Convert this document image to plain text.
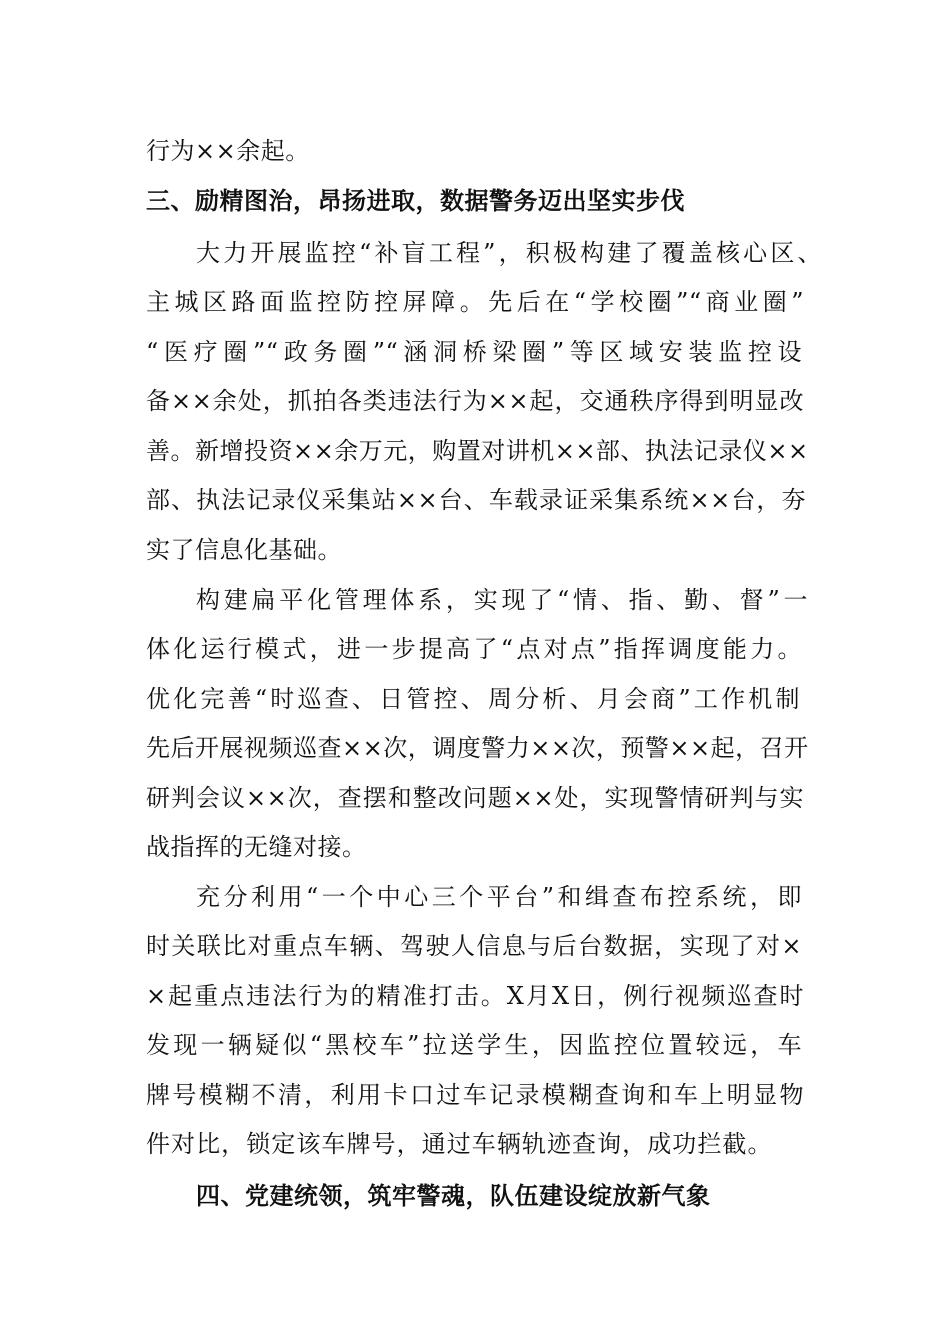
行为××余起。
三、励精图治，昂扬进取，数据警务迈出坚实步伐
大力开展监控“补盲工程”，积极构建了覆盖核心区、
主城区路面监控防控屏障。先后在“学校圈”“商业圈”
“医疗圈”“政务圈”“涵洞桥梁圈”等区域安装监控设
备××余处，抓拍各类违法行为××起，交通秩序得到明显改
善。新增投资××余万元，购置对讲机××部、执法记录仪××
部、执法记录仪采集站××台、车载录证采集系统××台，夯
实了信息化基础。
构建扁平化管理体系，实现了“情、指、勤、督”一
体化运行模式，进一步提高了“点对点”指挥调度能力。
优化完善“时巡查、日管控、周分析、月会商”工作机制
先后开展视频巡查××次，调度警力××次，预警××起，召开
研判会议××次，查摆和整改问题××处，实现警情研判与实
战指挥的无缝对接。
充分利用“一个中心三个平台”和缉查布控系统，即
时关联比对重点车辆、驾驶人信息与后台数据，实现了对×
×起重点违法行为的精准打击。X月X日，例行视频巡查时
发现一辆疑似“黑校车”拉送学生，因监控位置较远，车
牌号模糊不清，利用卡口过车记录模糊查询和车上明显物
件对比，锁定该车牌号，通过车辆轨迹查询，成功拦截。
四、党建统领，筑牢警魂，队伍建设绽放新气象
